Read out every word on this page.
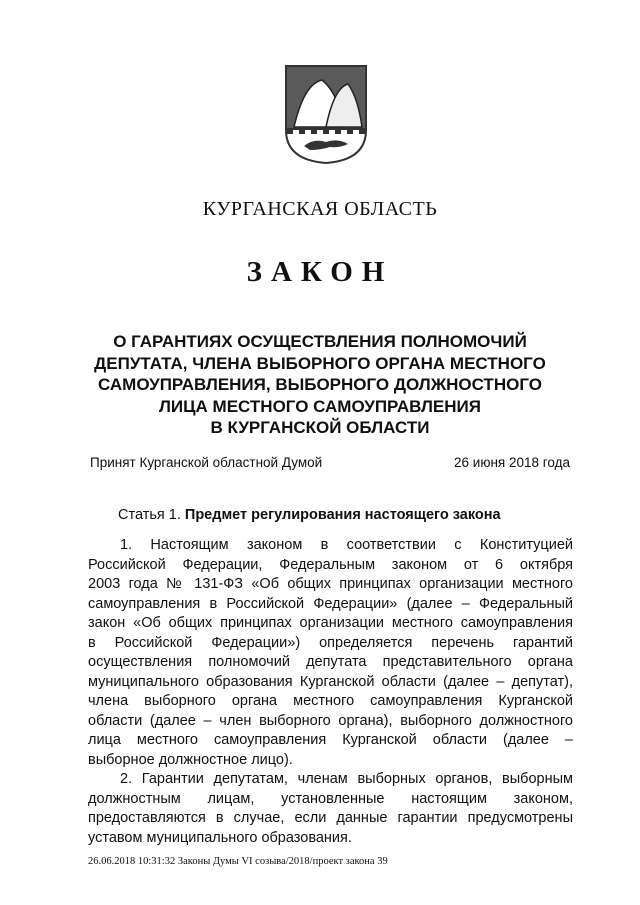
КУРГАНСКАЯ ОБЛАСТЬ
ЗАКОН
О ГАРАНТИЯХ ОСУЩЕСТВЛЕНИЯ ПОЛНОМОЧИЙ
ДЕПУТАТА, ЧЛЕНА ВЫБОРНОГО ОРГАНА МЕСТНОГО
САМОУПРАВЛЕНИЯ, ВЫБОРНОГО ДОЛЖНОСТНОГО
ЛИЦА МЕСТНОГО САМОУПРАВЛЕНИЯ
В КУРГАНСКОЙ ОБЛАСТИ
Принят Курганской областной Думой	26 июня 2018 года
Статья 1. Предмет регулирования настоящего закона
1. Настоящим законом в соответствии с Конституцией
Российской Федерации, Федеральным законом от 6 октября
2003 года № 131-ФЗ «Об общих принципах организации местного
самоуправления в Российской Федерации» (далее – Федеральный
закон «Об общих принципах организации местного самоуправления
в Российской Федерации») определяется перечень гарантий
осуществления полномочий депутата представительного органа
муниципального образования Курганской области (далее – депутат),
члена выборного органа местного самоуправления Курганской
области (далее – член выборного органа), выборного должностного
лица местного самоуправления Курганской области (далее –
выборное должностное лицо).
2. Гарантии депутатам, членам выборных органов, выборным
должностным лицам, установленные настоящим законом,
предоставляются в случае, если данные гарантии предусмотрены
уставом муниципального образования.
26.06.2018 10:31:32 Законы Думы VI созыва/2018/проект закона 39
